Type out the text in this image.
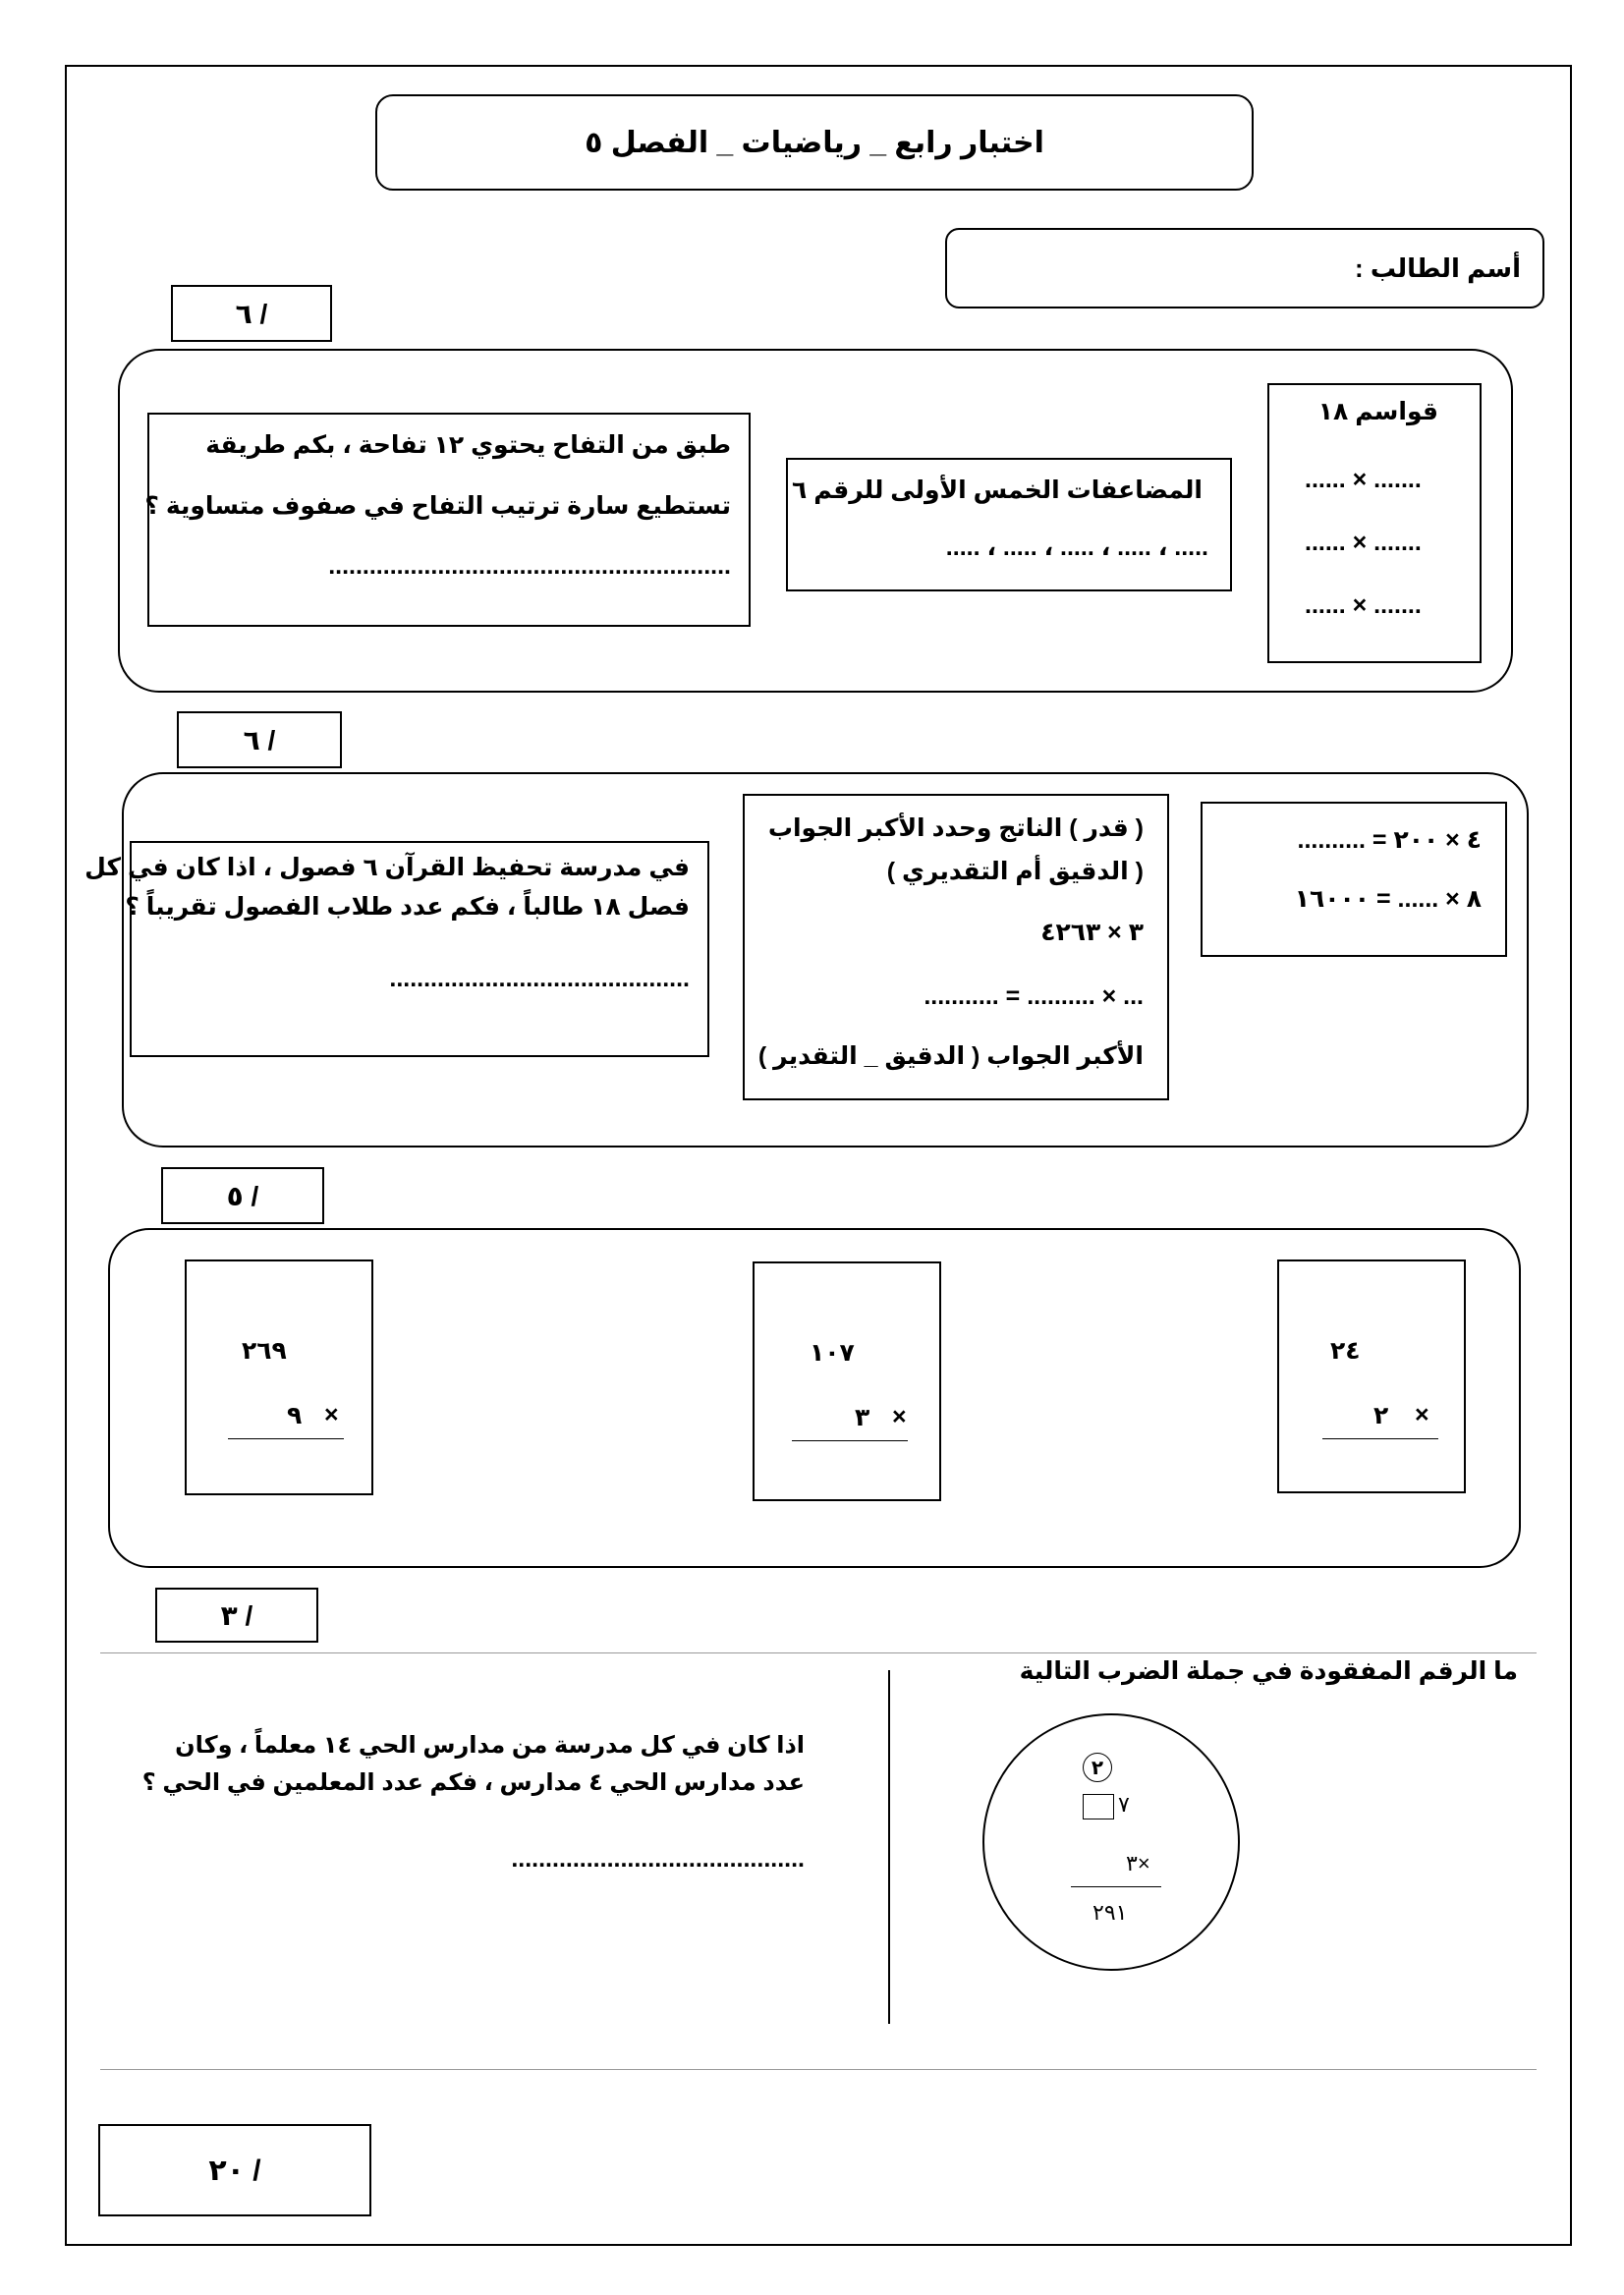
اختبار رابع _ رياضيات _ الفصل ٥
أسم الطالب :
٦ /
قواسم ١٨
...... × .......
...... × .......
...... × .......
المضاعفات الخمس الأولى للرقم ٦
..... ، ..... ، ..... ، ..... ، .....
طبق من التفاح يحتوي ١٢ تفاحة ، بكم طريقة
تستطيع سارة ترتيب التفاح في صفوف متساوية ؟
...........................................................
٦ /
٤ × ٢٠٠ = ..........
٨ × ...... = ١٦٠٠٠
( قدر ) الناتج وحدد الأكبر الجواب
( الدقيق أم التقديري )
٣ × ٤٢٦٣
... × .......... = ...........
الأكبر الجواب ( الدقيق _ التقدير )
في مدرسة تحفيظ القرآن ٦ فصول ، اذا كان في كل
فصل ١٨ طالباً ، فكم عدد طلاب الفصول تقريباً ؟
............................................
٥ /
٢٤
٢ ×
١٠٧
٣ ×
٢٦٩
٩ ×
٣ /
ما الرقم المفقودة في جملة الضرب التالية
٢
٧
٣×
٢٩١
اذا كان في كل مدرسة من مدارس الحي ١٤ معلماً ، وكان
عدد مدارس الحي ٤ مدارس ، فكم عدد المعلمين في الحي ؟
...........................................
٢٠ /
